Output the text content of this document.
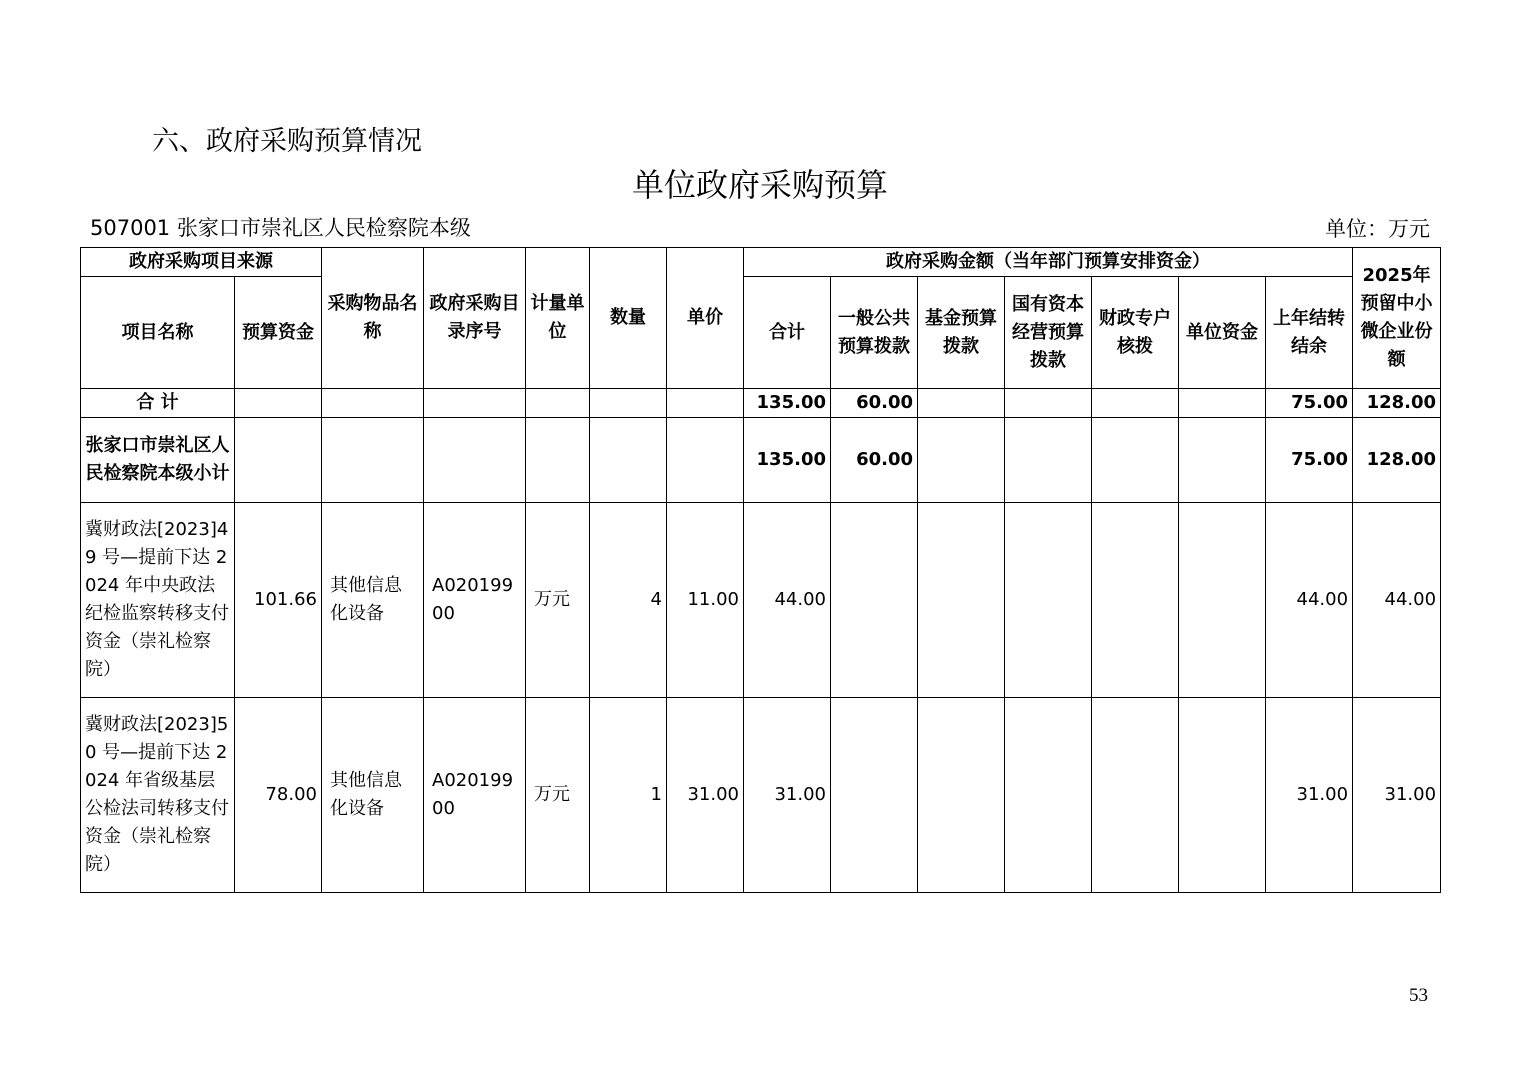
六、政府采购预算情况
单位政府采购预算
507001 张家口市崇礼区人民检察院本级	单位：万元
政府采购项目来源		采购物品名称	政府采购目录序号	计量单位	数量	单价	政府采购金额（当年部门预算安排资金）							2025年预留中小微企业份额
项目名称	预算资金						合计	一般公共预算拨款	基金预算拨款	国有资本经营预算拨款	财政专户核拨	单位资金	上年结转结余	
合 计							135.00	60.00					75.00	128.00
张家口市崇礼区人民检察院本级小计							135.00	60.00					75.00	128.00
冀财政法[2023]49 号—提前下达 2024 年中央政法纪检监察转移支付资金（崇礼检察院）	101.66	其他信息化设备	A02019900	万元	4	11.00	44.00						44.00	44.00
冀财政法[2023]50 号—提前下达 2024 年省级基层公检法司转移支付资金（崇礼检察院）	78.00	其他信息化设备	A02019900	万元	1	31.00	31.00						31.00	31.00
53
